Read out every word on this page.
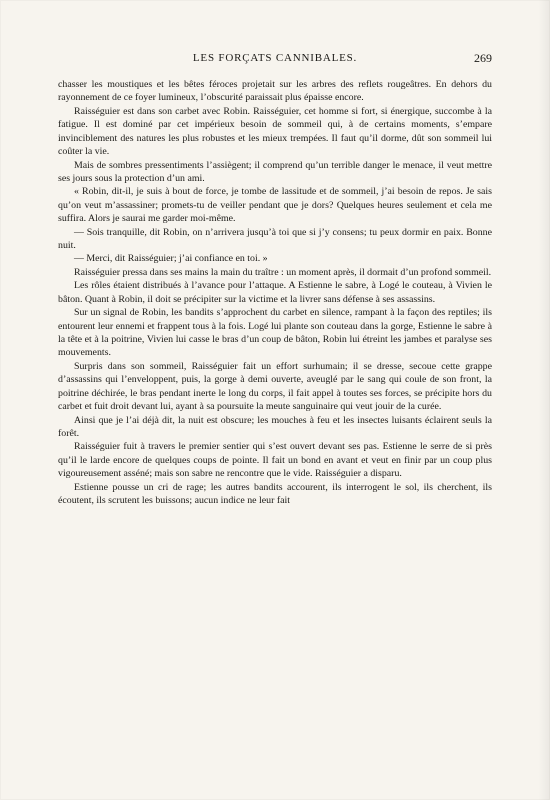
LES FORÇATS CANNIBALES.	269

chasser les moustiques et les bêtes féroces projetait sur les arbres des reflets rougeâtres. En dehors du rayonnement de ce foyer lumineux, l’obscurité paraissait plus épaisse encore.

Raisséguier est dans son carbet avec Robin. Raisséguier, cet homme si fort, si énergique, succombe à la fatigue. Il est dominé par cet impérieux besoin de sommeil qui, à de certains moments, s’empare invinciblement des natures les plus robustes et les mieux trempées. Il faut qu’il dorme, dût son sommeil lui coûter la vie.

Mais de sombres pressentiments l’assiègent; il comprend qu’un terrible danger le menace, il veut mettre ses jours sous la protection d’un ami.

« Robin, dit-il, je suis à bout de force, je tombe de lassitude et de sommeil, j’ai besoin de repos. Je sais qu’on veut m’assassiner; promets-tu de veiller pendant que je dors? Quelques heures seulement et cela me suffira. Alors je saurai me garder moi-même.

— Sois tranquille, dit Robin, on n’arrivera jusqu’à toi que si j’y consens; tu peux dormir en paix. Bonne nuit.

— Merci, dit Raisséguier; j’ai confiance en toi. »

Raisséguier pressa dans ses mains la main du traître : un moment après, il dormait d’un profond sommeil.

Les rôles étaient distribués à l’avance pour l’attaque. A Estienne le sabre, à Logé le couteau, à Vivien le bâton. Quant à Robin, il doit se précipiter sur la victime et la livrer sans défense à ses assassins.

Sur un signal de Robin, les bandits s’approchent du carbet en silence, rampant à la façon des reptiles; ils entourent leur ennemi et frappent tous à la fois. Logé lui plante son couteau dans la gorge, Estienne le sabre à la tête et à la poitrine, Vivien lui casse le bras d’un coup de bâton, Robin lui étreint les jambes et paralyse ses mouvements.

Surpris dans son sommeil, Raisséguier fait un effort surhumain; il se dresse, secoue cette grappe d’assassins qui l’enveloppent, puis, la gorge à demi ouverte, aveuglé par le sang qui coule de son front, la poitrine déchirée, le bras pendant inerte le long du corps, il fait appel à toutes ses forces, se précipite hors du carbet et fuit droit devant lui, ayant à sa poursuite la meute sanguinaire qui veut jouir de la curée.

Ainsi que je l’ai déjà dit, la nuit est obscure; les mouches à feu et les insectes luisants éclairent seuls la forêt.

Raisséguier fuit à travers le premier sentier qui s’est ouvert devant ses pas. Estienne le serre de si près qu’il le larde encore de quelques coups de pointe. Il fait un bond en avant et veut en finir par un coup plus vigoureusement asséné; mais son sabre ne rencontre que le vide. Raisséguier a disparu.

Estienne pousse un cri de rage; les autres bandits accourent, ils interrogent le sol, ils cherchent, ils écoutent, ils scrutent les buissons; aucun indice ne leur fait
